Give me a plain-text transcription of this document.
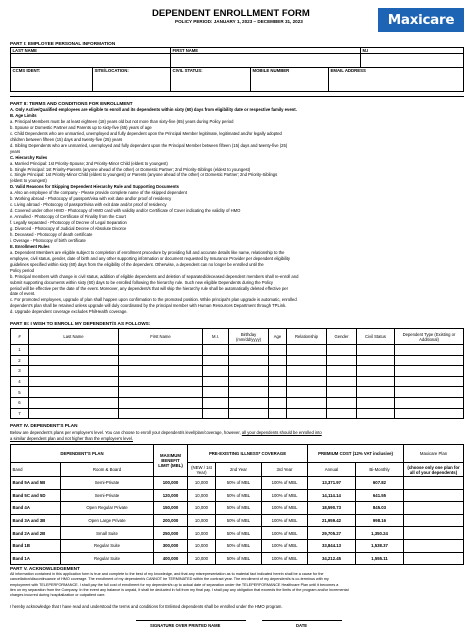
DEPENDENT ENROLLMENT FORM
POLICY PERIOD: JANUARY 1, 2023 – DECEMBER 31, 2023	Maxicare
PART I: EMPLOYEE PERSONAL INFORMATION
LAST NAME	FIRST NAME	M.I

CCMS IDENT:	SITE/LOCATION:	CIVIL STATUS:	MOBILE NUMBER	EMAIL ADDRESS
PART II: TERMS AND CONDITIONS FOR ENROLLMENT
A. Only Active/Qualified employees are eligible to enroll and its dependents within sixty (60) days from eligibility date or respective family event.
B. Age Limits
a. Principal Members must be at least eighteen (18) years old but not more than sixty-five (65) years during Policy period
b. Spouse or Domestic Partner and Parents up to sixty-five (65) years of age
c. Child Dependents who are unmarried, unemployed and fully dependent upon the Principal Member legitimate, legitimated and/or legally adopted
children between fifteen (15) days and twenty-five (25) years
d. Sibling Dependents who are unmarried, unemployed and fully dependent upon the Principal Member between fifteen (15) days and twenty-five (25)
years
C. Hierarchy Rules
a. Married Principal: 1st Priority-Spouse; 2nd Priority-Minor Child (eldest to youngest)
b. Single Principal: 1st Priority-Parents (anyone ahead of the other) or Domestic Partner; 2nd Priority-Siblings (eldest to youngest)
c. Single Principal: 1st Priority-Minor Child (eldest to youngest) or Parents (anyone ahead of the other) or Domestic Partner; 2nd Priority-Siblings
(eldest to youngest)
D. Valid Reasons for Skipping Dependent Hierarchy Rule and Supporting Documents
a. Also an employee of the company - Please provide complete name of the skipped dependent
b. Working abroad - Photocopy of passport/visa with exit date and/or proof of residency
c. Living abroad - Photocopy of passport/visa with exit date and/or proof of residency
d. Covered under other HMO - Photocopy of HMO card with validity and/or Certificate of Cover indicating the validity of HMO
e. Annulled - Photocopy of Certificate of Finality from the Court
f. Legally separated - Photocopy of Decree of Legal Separation
g. Divorced - Photocopy of Judicial Decree of Absolute Divorce
h. Deceased - Photocopy of death certificate
i. Overage - Photocopy of birth certificate
E. Enrollment Rules
a. Dependent Members are eligible subject to completion of enrollment procedure by providing full and accurate details like name, relationship to the
employee, civil status, gender, date of birth and any other supporting information or document requested by Insurance Provider per dependent eligibility
guidelines specified within sixty (60) days from the eligibility of the dependent. Otherwise, a dependent can no longer be enrolled until the
Policy period
b. Principal members with change in civil status, addition of eligible dependents and deletion of separated/deceased dependent members shall re-enroll and
submit supporting documents within sixty (60) days to be enrolled following the hierarchy rule. Such new eligible Dependents during the Policy
period will be effective per the date of the event. Moreover, any dependent/s that will skip the hierarchy rule shall be automatically deleted effective per
date of event.
c. For promoted employees, upgrade of plan shall happen upon confirmation to the promoted position. While principal's plan upgrade is automatic, enrolled
dependent's plan shall be retained unless upgrade will duly coordinated by the principal member with Human Resources Department through TPLink.
d. Upgrade dependent coverage excludes PhilHealth coverage.
PART III: I WISH TO ENROLL MY DEPENDENT/S AS FOLLOWS:
#	Last Name	First Name	M.I.	Birthday (mm/dd/yyyy)	Age	Relationship	Gender	Civil Status	Dependent Type (Existing or Additional)
1									
2									
3									
4									
5									
6									
7									
PART IV. DEPENDENT'S PLAN
Below are dependent's plans per employee's level. You can choose to enroll your dependent/s level/plan/coverage, however, all your dependents should be enrolled into
a similar dependent plan and not higher than the employee's level.
DEPENDENT'S PLAN		MAXIMUM BENEFIT LIMIT (MBL)	PRE-EXISTING ILLNESS* COVERAGE			PREMIUM COST (12% VAT inclusive)		Maxicare Plan
Band	Room & Board		(NEW / 1st Year)	2nd Year	3rd Year	Annual	Bi-Monthly	(choose only one plan for all of your dependents)
Band 5A and 5B	Semi-Private	100,000	10,000	50% of MBL	100% of MBL	13,371.97	607.82	
Band 5C and 5D	Semi-Private	120,000	10,000	50% of MBL	100% of MBL	14,114.14	641.55	
Band 4A	Open Regular Private	150,000	10,000	50% of MBL	100% of MBL	18,590.73	845.03	
Band 3A and 3B	Open Large Private	200,000	10,000	50% of MBL	100% of MBL	21,959.42	998.16	
Band 2A and 2B	Small Suite	250,000	10,000	50% of MBL	100% of MBL	29,705.27	1,350.24	
Band 1B	Regular Suite	300,000	10,000	50% of MBL	100% of MBL	33,844.13	1,538.37	
Band 1A	Regular Suite	400,000	10,000	50% of MBL	100% of MBL	34,212.45	1,555.11	
PART V. ACKNOWLEDGEMENT
All information contained in this application form is true and complete to the best of my knowledge, and that any misrepresentation as to material fact indicated herein shall be a cause for the
cancellation/discontinuance of HMO coverage. The enrollment of my dependent/s CANNOT be TERMINATED within the contract year. The enrollment of my dependent/s is co-terminus with my
employment with TELEPERFORMANCE. I shall pay the full cost of enrollment for my dependent/s up to actual date of separation under the TELEPERFORMANCE Healthcare Plan until it becomes a
lien on my separation from the Company. In the event any balance is unpaid, it shall be deducted in full from my final pay. I shall pay any obligation that exceeds the limits of the program and/or incremental
charges incurred during hospitalization or outpatient care.
I hereby acknowledge that I have read and understood the terms and conditions for Enlisted dependents shall be enrolled under the HMO program.
SIGNATURE OVER PRINTED NAME	DATE
